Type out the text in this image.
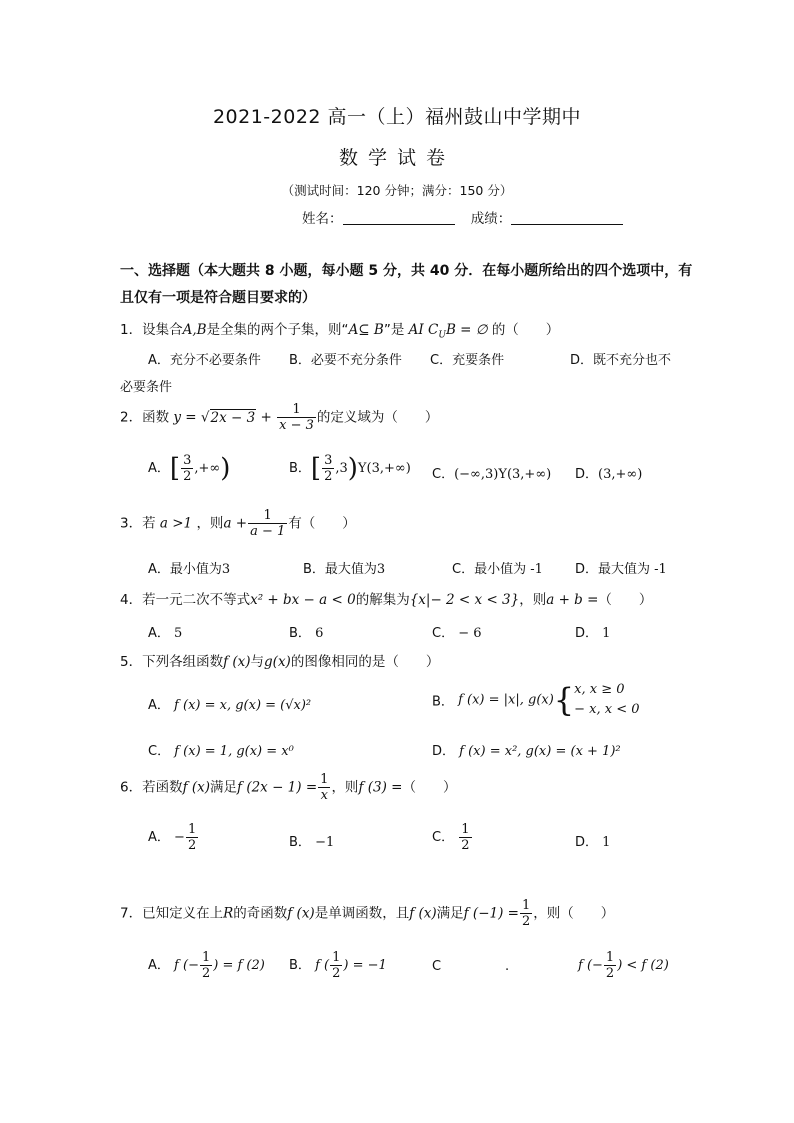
2021-2022 高一（上）福州鼓山中学期中
数学试卷
（测试时间：120 分钟；满分：150 分）
姓名：	成绩：
一、选择题（本大题共 8 小题，每小题 5 分，共 40 分．在每小题所给出的四个选项中，有
且仅有一项是符合题目要求的）
1．设集合A,B是全集的两个子集，则“A⊆ B”是 AI $C_UB$ = ∅ 的（　　）
A．充分不必要条件 B．必要不充分条件 C．充要条件	D．既不充分也不
必要条件
2．函数 $y = √2x - 3 + \frac{1}{x - 3}$ 的定义域为（　　）
A．[ $\frac{3}{2}$ ,+∞)	B．[ $\frac{3}{2} ,3)Y(3,+\infty)$ C．(−∞,3)Y(3,+∞) D．(3,+∞)
3．若 a >1 ，则$a + \frac{1}{a - 1}$ 有（　　）
A．最小值为3	B．最大值为3	C．最小值为 -1 D．最大值为 -1
4．若一元二次不等式x² + bx − a < 0的解集为{x|− 2 < x < 3}，则a + b =（　　）
A． 5	B． 6	C． − 6	D． 1
5．下列各组函数f (x)与g(x)的图像相同的是（　　）
A． f (x) = x, g(x) = (√x)²	B． f (x) = |x|, g(x){ x, x ≥ 0
− x, x < 0
C． f (x) = 1, g(x) = x⁰	D． f (x) = x², g(x) = (x + 1)²
6．若函数f (x)满足f $(2x - 1) = \frac{1}{x}$ ，则f (3) =（　　）
A． − $\frac{1}{2}$	B． −1	C． $\frac{1}{2}$	D． 1
7．已知定义在上R的奇函数f (x)是单调函数，且f (x)满足f $(-1) = \frac{1}{2}$ ，则（　　）
A． f (− $\frac{1}{2}$ ) = f (2) B． f ( $\frac{1}{2}$ ) = −1	C	.	f (− $\frac{1}{2}$ ) < f (2)
